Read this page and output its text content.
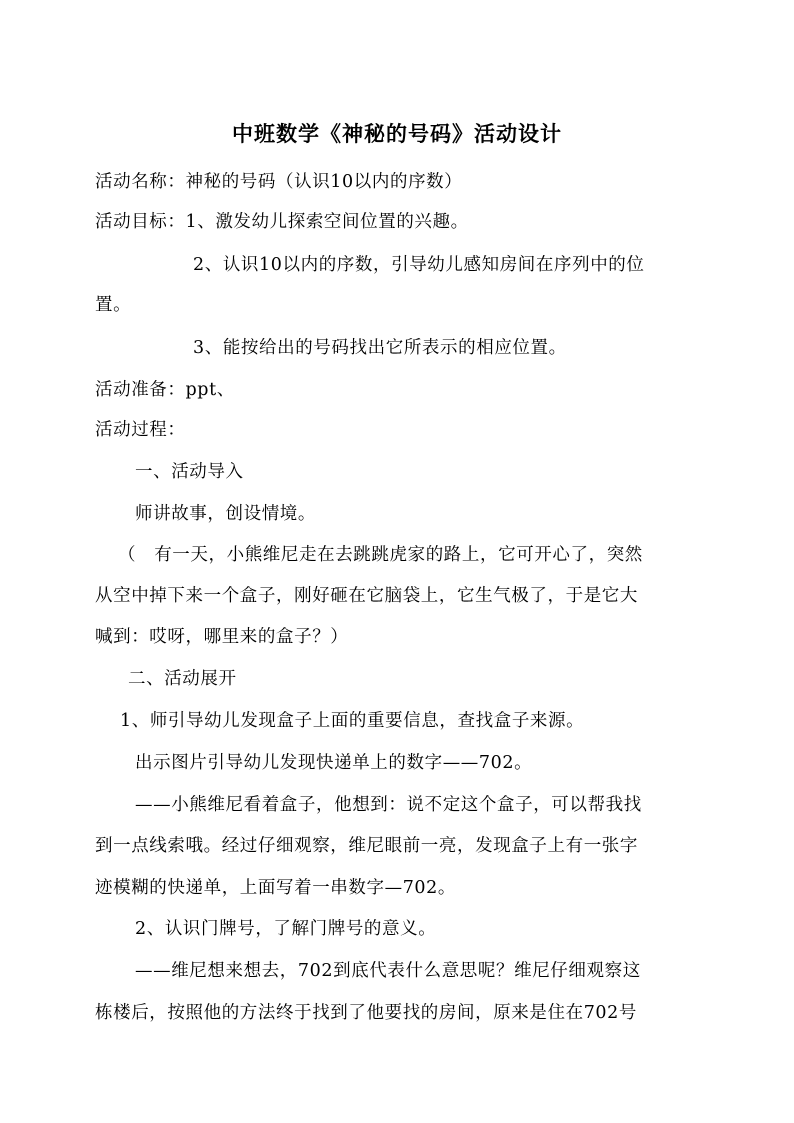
中班数学《神秘的号码》活动设计
活动名称：神秘的号码（认识10以内的序数）
活动目标：1、激发幼儿探索空间位置的兴趣。
2、认识10以内的序数，引导幼儿感知房间在序列中的位
置。
3、能按给出的号码找出它所表示的相应位置。
活动准备：ppt、
活动过程：
一、活动导入
师讲故事，创设情境。
（　有一天，小熊维尼走在去跳跳虎家的路上，它可开心了，突然
从空中掉下来一个盒子，刚好砸在它脑袋上，它生气极了，于是它大
喊到：哎呀，哪里来的盒子？）
二、活动展开
1、师引导幼儿发现盒子上面的重要信息，查找盒子来源。
出示图片引导幼儿发现快递单上的数字——702。
——小熊维尼看着盒子，他想到：说不定这个盒子，可以帮我找
到一点线索哦。经过仔细观察，维尼眼前一亮，发现盒子上有一张字
迹模糊的快递单，上面写着一串数字—702。
2、认识门牌号，了解门牌号的意义。
——维尼想来想去，702到底代表什么意思呢？维尼仔细观察这
栋楼后，按照他的方法终于找到了他要找的房间，原来是住在702号
